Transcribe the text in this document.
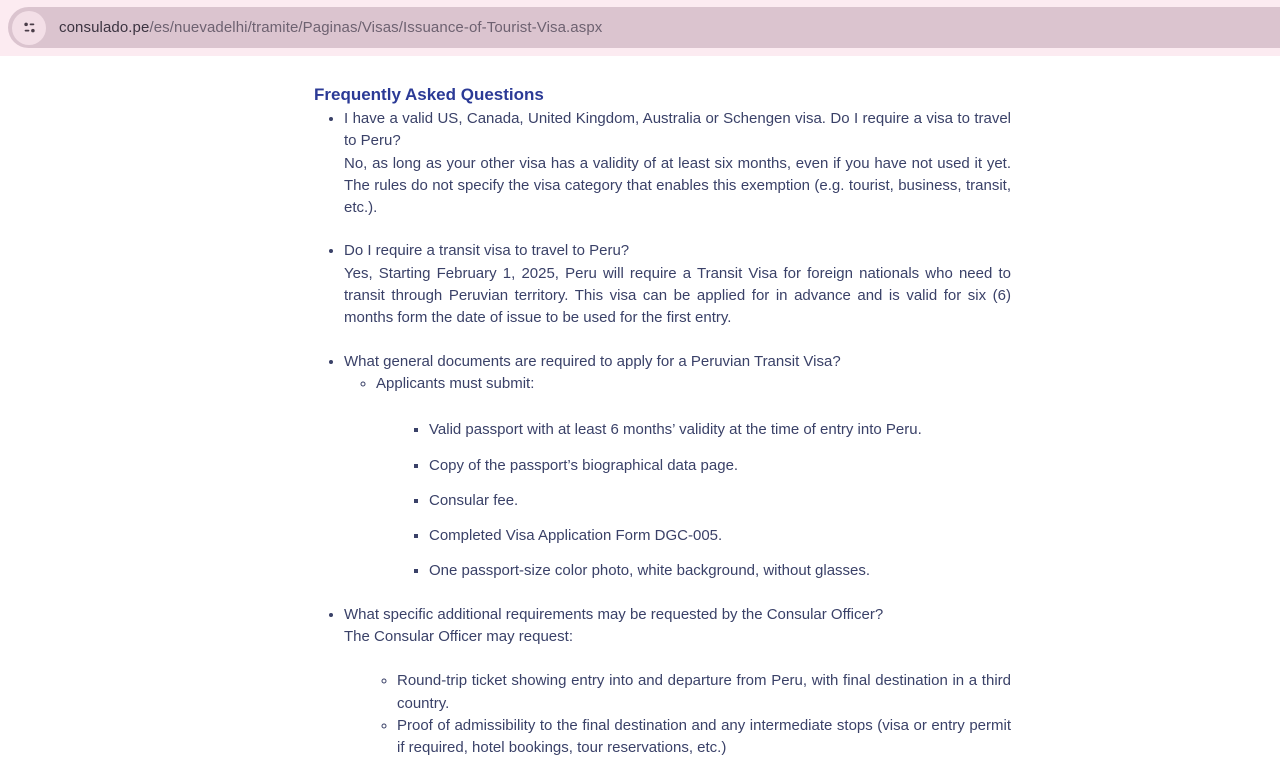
consulado.pe/es/nuevadelhi/tramite/Paginas/Visas/Issuance-of-Tourist-Visa.aspx
Frequently Asked Questions
• I have a valid US, Canada, United Kingdom, Australia or Schengen visa. Do I require a visa to travel to Peru?
No, as long as your other visa has a validity of at least six months, even if you have not used it yet. The rules do not specify the visa category that enables this exemption (e.g. tourist, business, transit, etc.).
• Do I require a transit visa to travel to Peru?
Yes, Starting February 1, 2025, Peru will require a Transit Visa for foreign nationals who need to transit through Peruvian territory. This visa can be applied for in advance and is valid for six (6) months form the date of issue to be used for the first entry.
• What general documents are required to apply for a Peruvian Transit Visa?
◦ Applicants must submit:
▪ Valid passport with at least 6 months’ validity at the time of entry into Peru.
▪ Copy of the passport’s biographical data page.
▪ Consular fee.
▪ Completed Visa Application Form DGC-005.
▪ One passport-size color photo, white background, without glasses.
• What specific additional requirements may be requested by the Consular Officer?
The Consular Officer may request:
◦ Round-trip ticket showing entry into and departure from Peru, with final destination in a third country.
◦ Proof of admissibility to the final destination and any intermediate stops (visa or entry permit if required, hotel bookings, tour reservations, etc.)
